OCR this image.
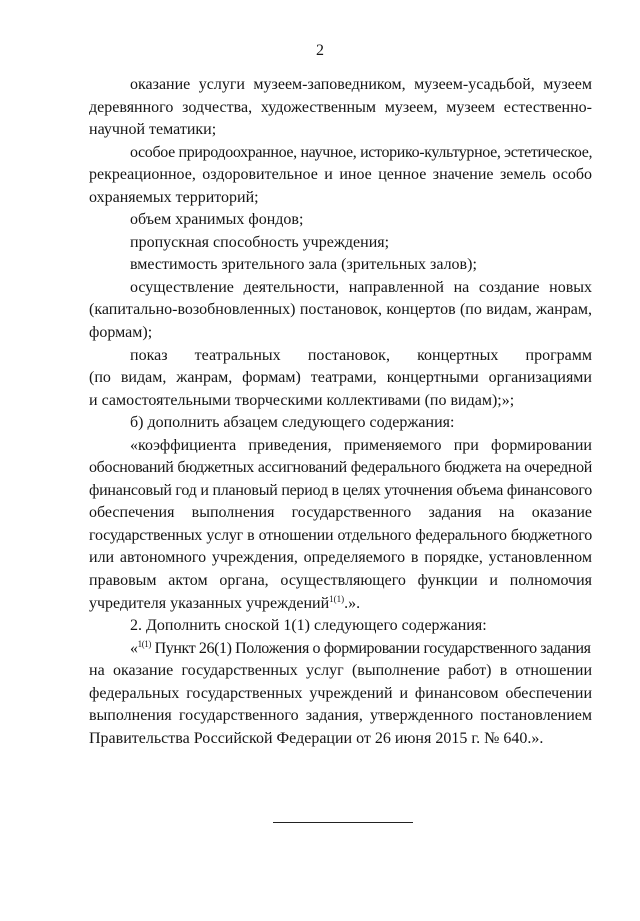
2
оказание услуги музеем-заповедником, музеем-усадьбой, музеем
деревянного зодчества, художественным музеем, музеем естественно-
научной тематики;
особое природоохранное, научное, историко-культурное, эстетическое,
рекреационное, оздоровительное и иное ценное значение земель особо
охраняемых территорий;
объем хранимых фондов;
пропускная способность учреждения;
вместимость зрительного зала (зрительных залов);
осуществление деятельности, направленной на создание новых
(капитально-возобновленных) постановок, концертов (по видам, жанрам,
формам);
показ театральных постановок, концертных программ
(по видам, жанрам, формам) театрами, концертными организациями
и самостоятельными творческими коллективами (по видам);»;
б) дополнить абзацем следующего содержания:
«коэффициента приведения, применяемого при формировании
обоснований бюджетных ассигнований федерального бюджета на очередной
финансовый год и плановый период в целях уточнения объема финансового
обеспечения выполнения государственного задания на оказание
государственных услуг в отношении отдельного федерального бюджетного
или автономного учреждения, определяемого в порядке, установленном
правовым актом органа, осуществляющего функции и полномочия
учредителя указанных учреждений$^{1(1)}$.».
2. Дополнить сноской 1(1) следующего содержания:
«$^{1(1)}$ Пункт 26(1) Положения о формировании государственного задания
на оказание государственных услуг (выполнение работ) в отношении
федеральных государственных учреждений и финансовом обеспечении
выполнения государственного задания, утвержденного постановлением
Правительства Российской Федерации от 26 июня 2015 г. № 640.».
